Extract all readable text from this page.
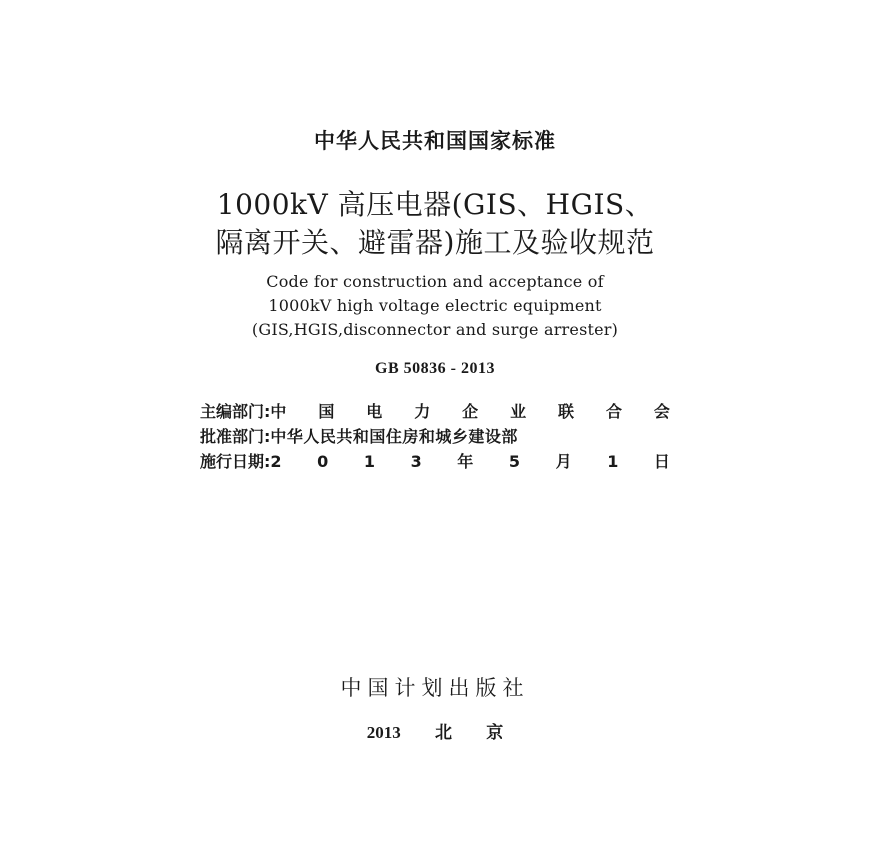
中华人民共和国国家标准
1000kV 高压电器(GIS、HGIS、
隔离开关、避雷器)施工及验收规范
Code for construction and acceptance of
1000kV high voltage electric equipment
(GIS,HGIS,disconnector and surge arrester)
GB 50836 - 2013
主编部门: 中 国 电 力 企 业 联 合 会
批准部门: 中华人民共和国住房和城乡建设部
施行日期: 2 0 1 3 年 5 月 1 日
中国计划出版社
2013 北 京
